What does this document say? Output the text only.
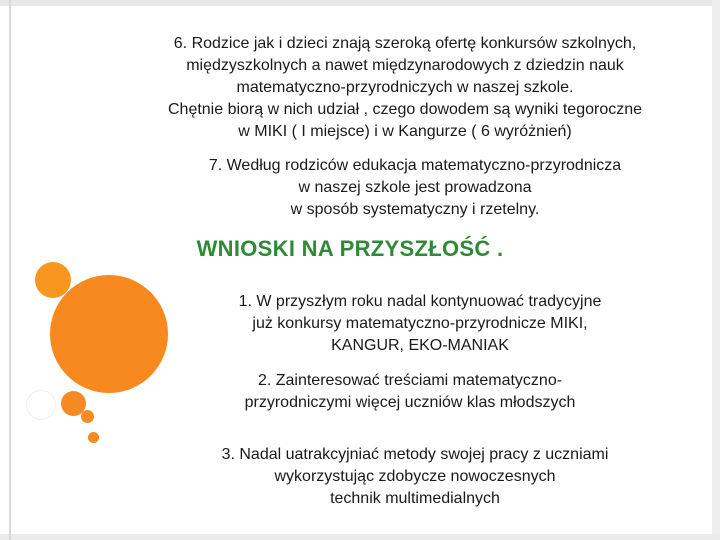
6. Rodzice jak i dzieci znają szeroką ofertę konkursów szkolnych,
międzyszkolnych a nawet międzynarodowych z dziedzin nauk
matematyczno-przyrodniczych w naszej szkole.
Chętnie biorą w nich udział , czego dowodem są wyniki tegoroczne
w MIKI ( I miejsce) i w Kangurze ( 6 wyróżnień)
7. Według rodziców edukacja matematyczno-przyrodnicza
w naszej szkole jest prowadzona
w sposób systematyczny i rzetelny.
WNIOSKI NA PRZYSZŁOŚĆ .
1. W przyszłym roku nadal kontynuować tradycyjne
już konkursy matematyczno-przyrodnicze MIKI,
KANGUR, EKO-MANIAK
2. Zainteresować treściami matematyczno-
przyrodniczymi więcej uczniów klas młodszych
3. Nadal uatrakcyjniać metody swojej pracy z uczniami
wykorzystując zdobycze nowoczesnych
technik multimedialnych
